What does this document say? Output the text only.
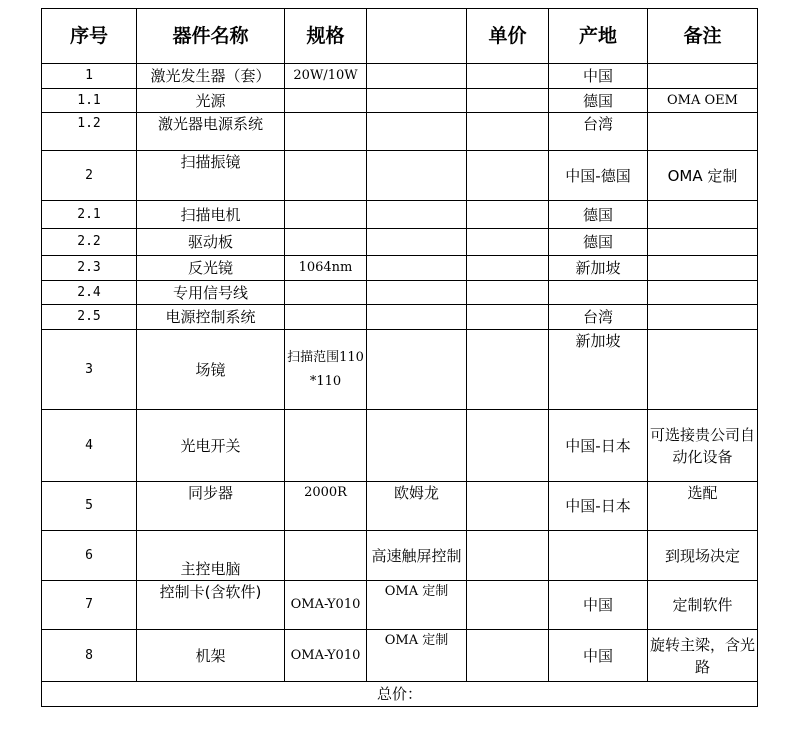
序号	器件名称	规格		单价	产地	备注
1	激光发生器（套）	20W/10W			中国	
1.1	光源				德国	OMA OEM
1.2	激光器电源系统				台湾	
2	扫描振镜				中国-德国	OMA 定制
2.1	扫描电机				德国	
2.2	驱动板				德国	
2.3	反光镜	1064nm			新加坡	
2.4	专用信号线					
2.5	电源控制系统				台湾	
3	场镜	扫描范围110*110			新加坡	
4	光电开关				中国-日本	可选接贵公司自动化设备
5	同步器	2000R	欧姆龙		中国-日本	选配
6	主控电脑		高速触屏控制			到现场决定
7	控制卡(含软件)	OMA-Y010	OMA 定制		中国	定制软件
8	机架	OMA-Y010	OMA 定制		中国	旋转主梁，含光路
总价：						
